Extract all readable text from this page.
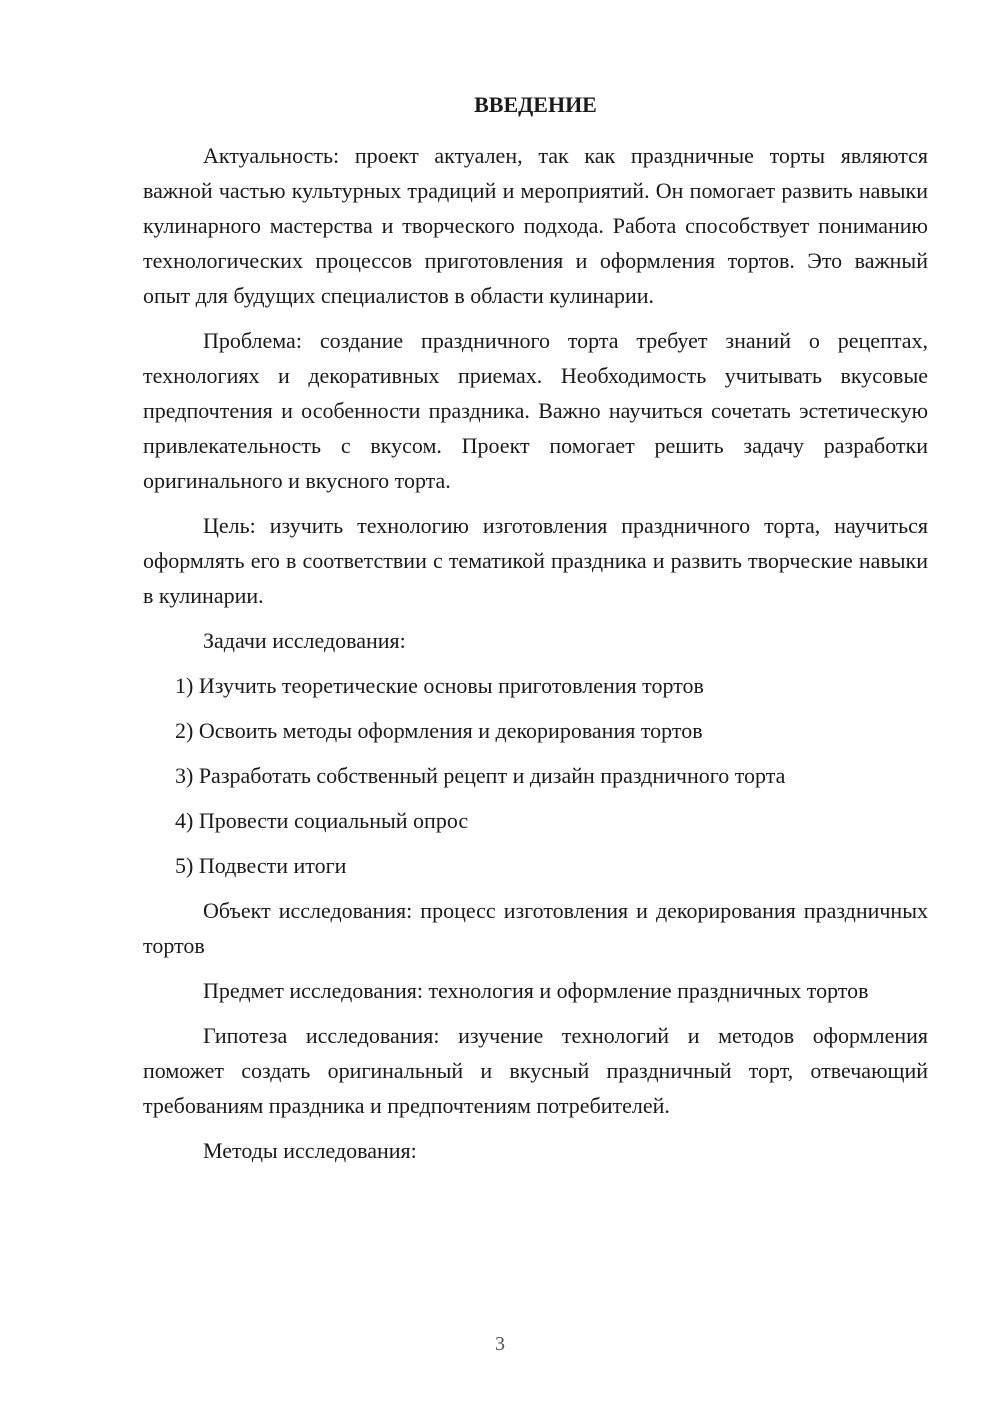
ВВЕДЕНИЕ

Актуальность: проект актуален, так как праздничные торты являются важной частью культурных традиций и мероприятий. Он помогает развить навыки кулинарного мастерства и творческого подхода. Работа способствует пониманию технологических процессов приготовления и оформления тортов. Это важный опыт для будущих специалистов в области кулинарии.

Проблема: создание праздничного торта требует знаний о рецептах, технологиях и декоративных приемах. Необходимость учитывать вкусовые предпочтения и особенности праздника. Важно научиться сочетать эстетическую привлекательность с вкусом. Проект помогает решить задачу разработки оригинального и вкусного торта.

Цель: изучить технологию изготовления праздничного торта, научиться оформлять его в соответствии с тематикой праздника и развить творческие навыки в кулинарии.

Задачи исследования:

1) Изучить теоретические основы приготовления тортов
2) Освоить методы оформления и декорирования тортов
3) Разработать собственный рецепт и дизайн праздничного торта
4) Провести социальный опрос
5) Подвести итоги

Объект исследования: процесс изготовления и декорирования праздничных тортов

Предмет исследования: технология и оформление праздничных тортов

Гипотеза исследования: изучение технологий и методов оформления поможет создать оригинальный и вкусный праздничный торт, отвечающий требованиям праздника и предпочтениям потребителей.

Методы исследования:

3
